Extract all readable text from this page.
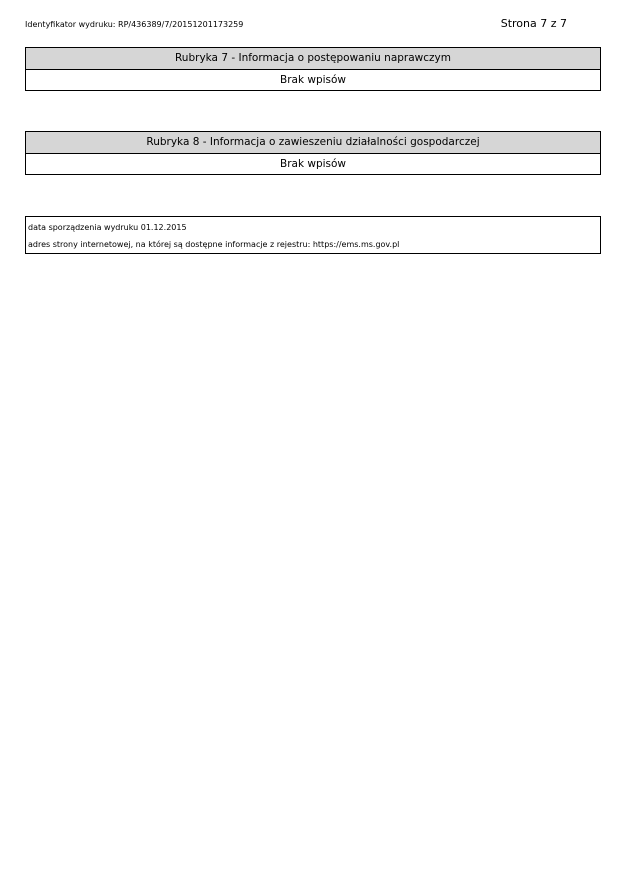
Identyfikator wydruku: RP/436389/7/20151201173259	Strona 7 z 7
Rubryka 7 - Informacja o postępowaniu naprawczym
Brak wpisów
Rubryka 8 - Informacja o zawieszeniu działalności gospodarczej
Brak wpisów
data sporządzenia wydruku 01.12.2015
adres strony internetowej, na której są dostępne informacje z rejestru: https://ems.ms.gov.pl
